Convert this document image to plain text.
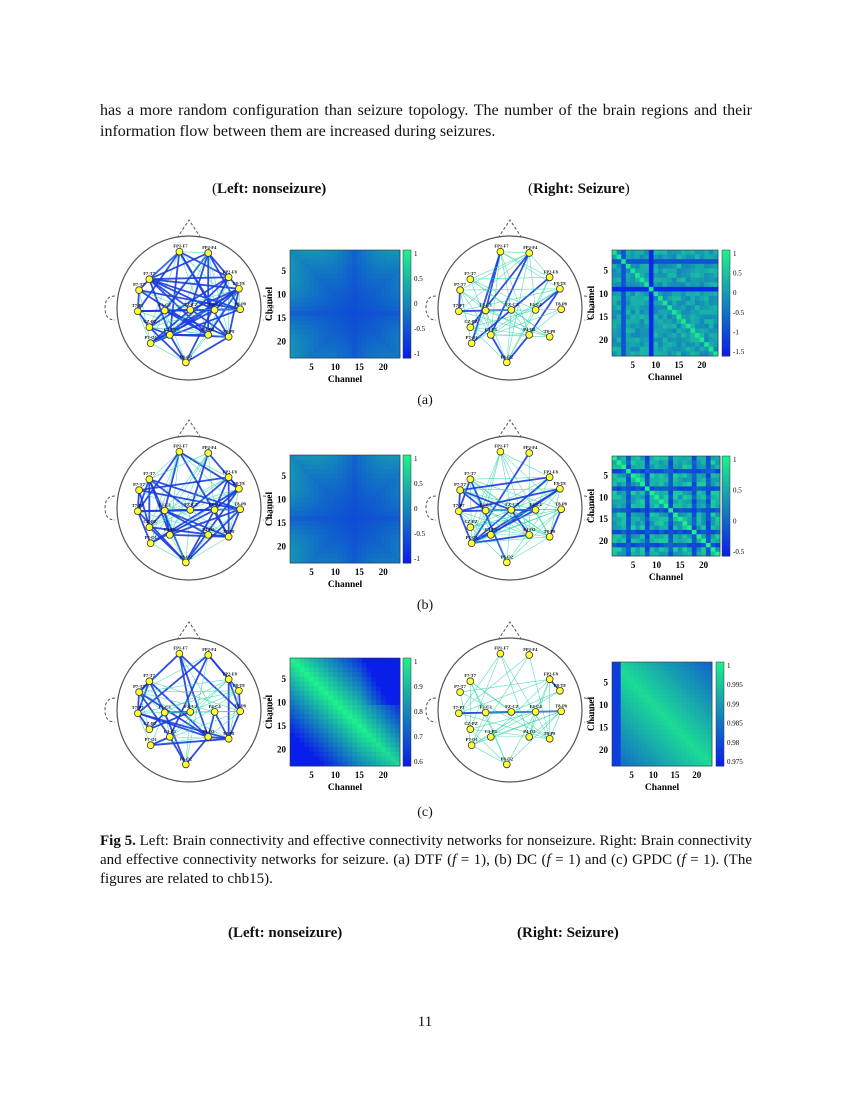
has a more random configuration than seizure topology. The number of the brain regions and their information flow between them are increased during seizures.

(Left: nonseizure)	(Right: Seizure)
FP1-F7	FP2-F4
F7-T7	FP2-F8
P7-T7	F8-T8
T7-P7	F3-C3	FZ-CZ F4-C4	T8-P8
CZ-PZ
C3-P3	P4-O2
P7-O1
T8-P8
P8-O2
5 10 15 20
5
10
15
20
Channel
Channel
1
0.5
0
-0.5
-1
FP1-F7	FP2-F4
F7-T7	FP2-F8
P7-T7	F8-T8
T7-P7	F3-C3	FZ-CZ F4-C4	T8-P8
CZ-PZ
C3-P3	P4-O2
P7-O1
T8-P8
P8-O2
5 10 15 20
5
10
15
20
Channel
Channel
1
0.5
0
-0.5
-1
-1.5
FP1-F7	FP2-F4
F7-T7	FP2-F8
P7-T7	F8-T8
T7-P7	F3-C3	FZ-CZ F4-C4	T8-P8
CZ-PZ
C3-P3	P4-O2
P7-O1
T8-P8
P8-O2
5 10 15 20
5
10
15
20
Channel
Channel
1
0.5
0
-0.5
-1
FP1-F7	FP2-F4
F7-T7	FP2-F8
P7-T7	F8-T8
T7-P7	F3-C3	FZ-CZ F4-C4	T8-P8
CZ-PZ
C3-P3	P4-O2
P7-O1
T8-P8
P8-O2
5 10 15 20
5
10
15
20
Channel
Channel
1
0.5
0
-0.5
FP1-F7	FP2-F4
F7-T7	FP2-F8
P7-T7	F8-T8
T7-P7	F3-C3	FZ-CZ F4-C4	T8-P8
CZ-PZ
C3-P3	P4-O2
P7-O1
T8-P8
P8-O2
5 10 15 20
5
10
15
20
Channel
Channel
1
0.9
0.8
0.7
0.6
FP1-F7	FP2-F4
F7-T7	FP2-F8
P7-T7	F8-T8
T7-P7	F3-C3	FZ-CZ F4-C4	T8-P8
CZ-PZ
C3-P3	P4-O2
P7-O1
T8-P8
P8-O2
5 10 15 20
5
10
15
20
Channel
Channel
1
0.995
0.99
0.985
0.98
0.975
(a)
(b)
(c)

Fig 5. Left: Brain connectivity and effective connectivity networks for nonseizure. Right: Brain connectivity and effective connectivity networks for seizure. (a) DTF (f = 1), (b) DC (f = 1) and (c) GPDC (f = 1). (The figures are related to chb15).

(Left: nonseizure)	(Right: Seizure)
11
